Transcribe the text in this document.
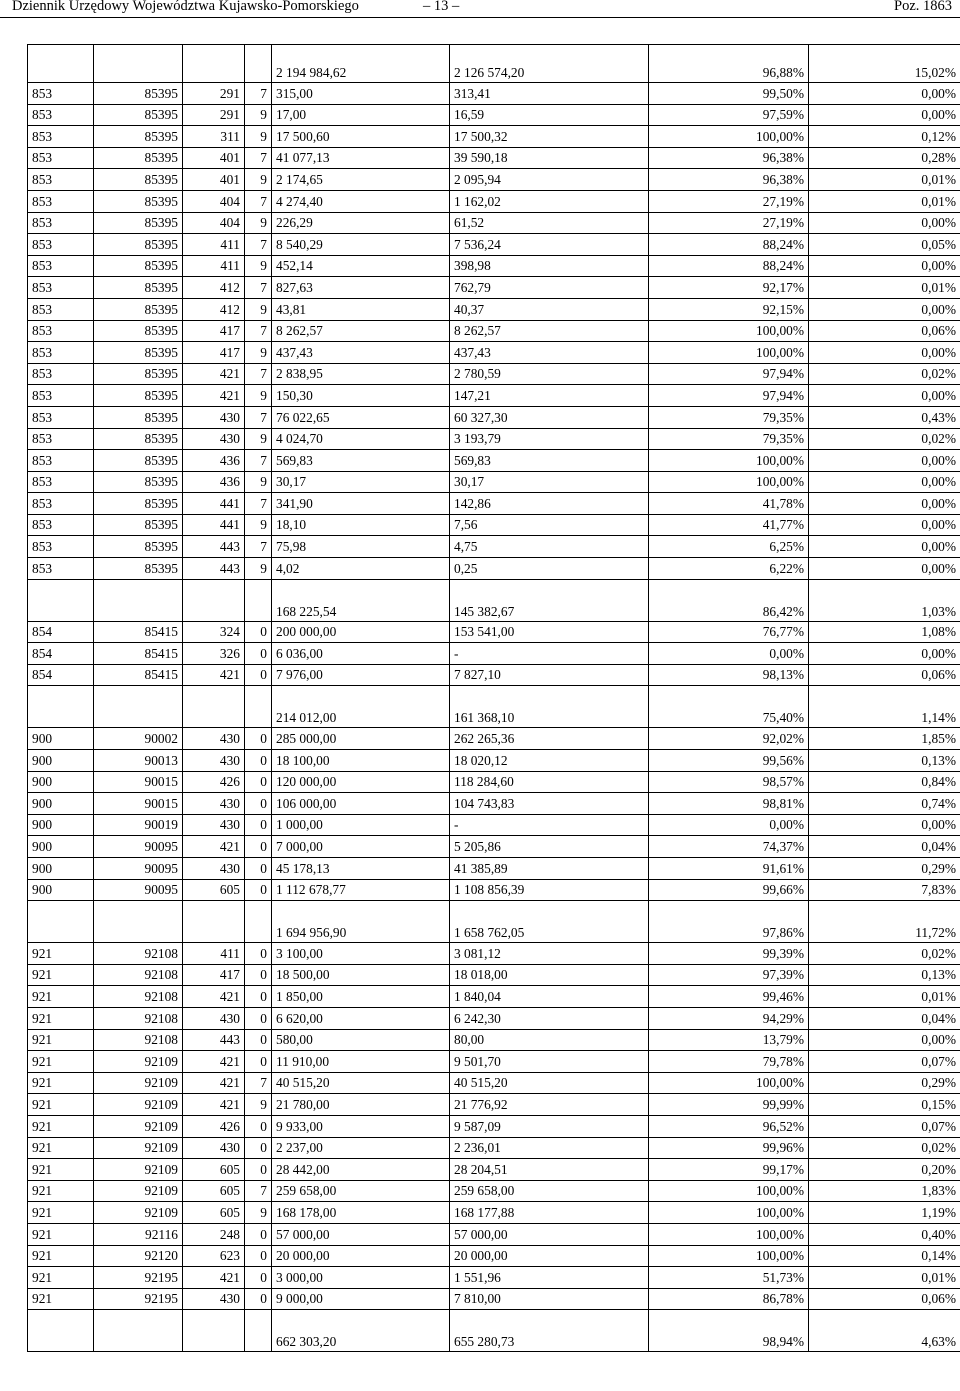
Dziennik Urzędowy Województwa Kujawsko-Pomorskiego	– 13 –	Poz. 1863
				2 194 984,62	2 126 574,20	96,88%	15,02%
853	85395	291	7	315,00	313,41	99,50%	0,00%
853	85395	291	9	17,00	16,59	97,59%	0,00%
853	85395	311	9	17 500,60	17 500,32	100,00%	0,12%
853	85395	401	7	41 077,13	39 590,18	96,38%	0,28%
853	85395	401	9	2 174,65	2 095,94	96,38%	0,01%
853	85395	404	7	4 274,40	1 162,02	27,19%	0,01%
853	85395	404	9	226,29	61,52	27,19%	0,00%
853	85395	411	7	8 540,29	7 536,24	88,24%	0,05%
853	85395	411	9	452,14	398,98	88,24%	0,00%
853	85395	412	7	827,63	762,79	92,17%	0,01%
853	85395	412	9	43,81	40,37	92,15%	0,00%
853	85395	417	7	8 262,57	8 262,57	100,00%	0,06%
853	85395	417	9	437,43	437,43	100,00%	0,00%
853	85395	421	7	2 838,95	2 780,59	97,94%	0,02%
853	85395	421	9	150,30	147,21	97,94%	0,00%
853	85395	430	7	76 022,65	60 327,30	79,35%	0,43%
853	85395	430	9	4 024,70	3 193,79	79,35%	0,02%
853	85395	436	7	569,83	569,83	100,00%	0,00%
853	85395	436	9	30,17	30,17	100,00%	0,00%
853	85395	441	7	341,90	142,86	41,78%	0,00%
853	85395	441	9	18,10	7,56	41,77%	0,00%
853	85395	443	7	75,98	4,75	6,25%	0,00%
853	85395	443	9	4,02	0,25	6,22%	0,00%
				168 225,54	145 382,67	86,42%	1,03%
854	85415	324	0	200 000,00	153 541,00	76,77%	1,08%
854	85415	326	0	6 036,00	-	0,00%	0,00%
854	85415	421	0	7 976,00	7 827,10	98,13%	0,06%
				214 012,00	161 368,10	75,40%	1,14%
900	90002	430	0	285 000,00	262 265,36	92,02%	1,85%
900	90013	430	0	18 100,00	18 020,12	99,56%	0,13%
900	90015	426	0	120 000,00	118 284,60	98,57%	0,84%
900	90015	430	0	106 000,00	104 743,83	98,81%	0,74%
900	90019	430	0	1 000,00	-	0,00%	0,00%
900	90095	421	0	7 000,00	5 205,86	74,37%	0,04%
900	90095	430	0	45 178,13	41 385,89	91,61%	0,29%
900	90095	605	0	1 112 678,77	1 108 856,39	99,66%	7,83%
				1 694 956,90	1 658 762,05	97,86%	11,72%
921	92108	411	0	3 100,00	3 081,12	99,39%	0,02%
921	92108	417	0	18 500,00	18 018,00	97,39%	0,13%
921	92108	421	0	1 850,00	1 840,04	99,46%	0,01%
921	92108	430	0	6 620,00	6 242,30	94,29%	0,04%
921	92108	443	0	580,00	80,00	13,79%	0,00%
921	92109	421	0	11 910,00	9 501,70	79,78%	0,07%
921	92109	421	7	40 515,20	40 515,20	100,00%	0,29%
921	92109	421	9	21 780,00	21 776,92	99,99%	0,15%
921	92109	426	0	9 933,00	9 587,09	96,52%	0,07%
921	92109	430	0	2 237,00	2 236,01	99,96%	0,02%
921	92109	605	0	28 442,00	28 204,51	99,17%	0,20%
921	92109	605	7	259 658,00	259 658,00	100,00%	1,83%
921	92109	605	9	168 178,00	168 177,88	100,00%	1,19%
921	92116	248	0	57 000,00	57 000,00	100,00%	0,40%
921	92120	623	0	20 000,00	20 000,00	100,00%	0,14%
921	92195	421	0	3 000,00	1 551,96	51,73%	0,01%
921	92195	430	0	9 000,00	7 810,00	86,78%	0,06%
				662 303,20	655 280,73	98,94%	4,63%
